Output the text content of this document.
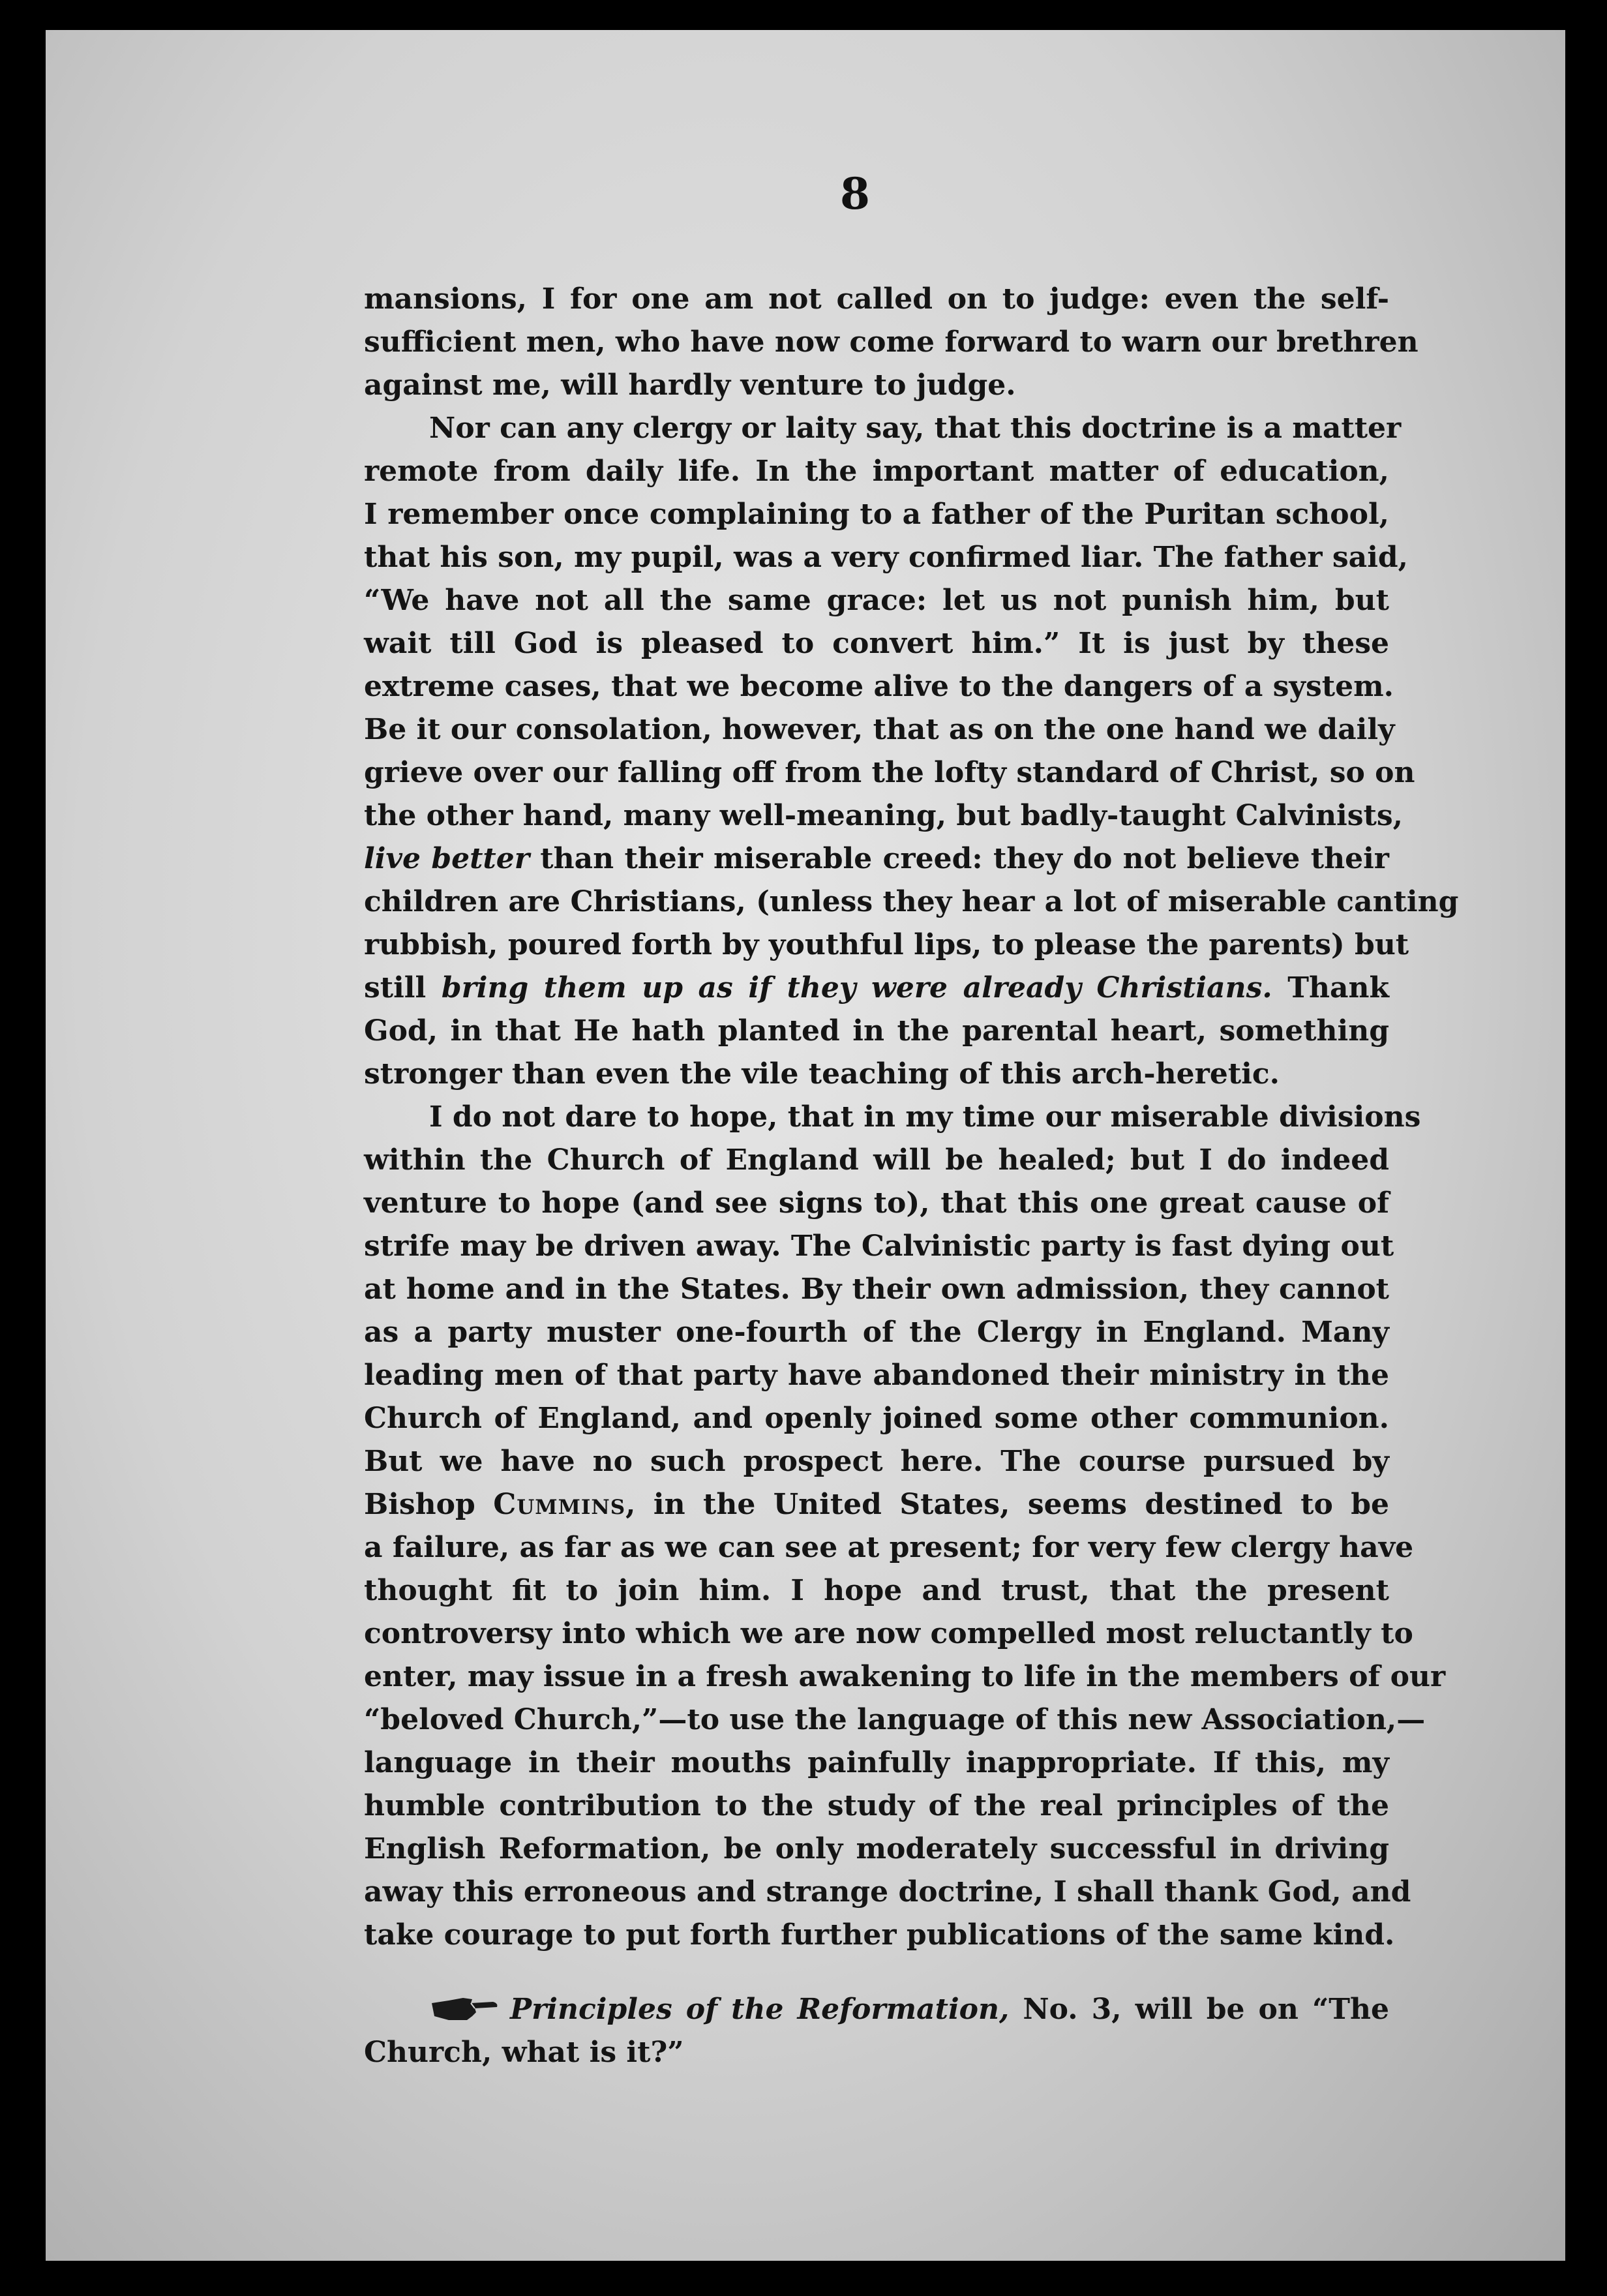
8

mansions, I for one am not called on to judge: even the self-
sufficient men, who have now come forward to warn our brethren
against me, will hardly venture to judge.

Nor can any clergy or laity say, that this doctrine is a matter
remote from daily life. In the important matter of education,
I remember once complaining to a father of the Puritan school,
that his son, my pupil, was a very confirmed liar. The father said,
“We have not all the same grace: let us not punish him, but
wait till God is pleased to convert him.” It is just by these
extreme cases, that we become alive to the dangers of a system.
Be it our consolation, however, that as on the one hand we daily
grieve over our falling off from the lofty standard of Christ, so on
the other hand, many well-meaning, but badly-taught Calvinists,
live better than their miserable creed: they do not believe their
children are Christians, (unless they hear a lot of miserable canting
rubbish, poured forth by youthful lips, to please the parents) but
still bring them up as if they were already Christians. Thank
God, in that He hath planted in the parental heart, something
stronger than even the vile teaching of this arch-heretic.

I do not dare to hope, that in my time our miserable divisions
within the Church of England will be healed; but I do indeed
venture to hope (and see signs to), that this one great cause of
strife may be driven away. The Calvinistic party is fast dying out
at home and in the States. By their own admission, they cannot
as a party muster one-fourth of the Clergy in England. Many
leading men of that party have abandoned their ministry in the
Church of England, and openly joined some other communion.
But we have no such prospect here. The course pursued by
Bishop Cummins, in the United States, seems destined to be
a failure, as far as we can see at present; for very few clergy have
thought fit to join him. I hope and trust, that the present
controversy into which we are now compelled most reluctantly to
enter, may issue in a fresh awakening to life in the members of our
“beloved Church,”—to use the language of this new Association,—
language in their mouths painfully inappropriate. If this, my
humble contribution to the study of the real principles of the
English Reformation, be only moderately successful in driving
away this erroneous and strange doctrine, I shall thank God, and
take courage to put forth further publications of the same kind.

Principles of the Reformation, No. 3, will be on “The
Church, what is it?”
